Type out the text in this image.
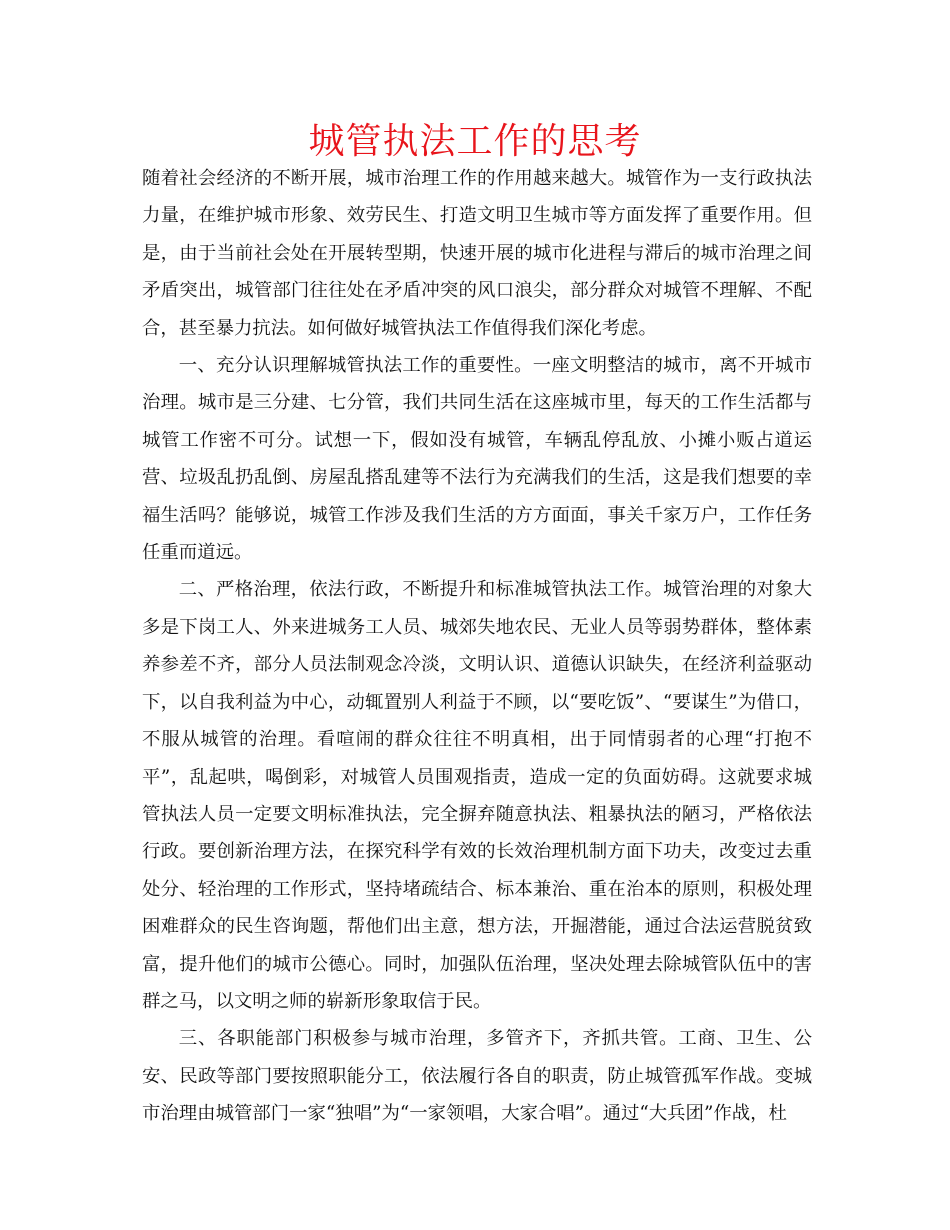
城管执法工作的思考

随着社会经济的不断开展，城市治理工作的作用越来越大。城管作为一支行政执法力量，在维护城市形象、效劳民生、打造文明卫生城市等方面发挥了重要作用。但是，由于当前社会处在开展转型期，快速开展的城市化进程与滞后的城市治理之间矛盾突出，城管部门往往处在矛盾冲突的风口浪尖，部分群众对城管不理解、不配合，甚至暴力抗法。如何做好城管执法工作值得我们深化考虑。

一、充分认识理解城管执法工作的重要性。一座文明整洁的城市，离不开城市治理。城市是三分建、七分管，我们共同生活在这座城市里，每天的工作生活都与城管工作密不可分。试想一下，假如没有城管，车辆乱停乱放、小摊小贩占道运营、垃圾乱扔乱倒、房屋乱搭乱建等不法行为充满我们的生活，这是我们想要的幸福生活吗？能够说，城管工作涉及我们生活的方方面面，事关千家万户，工作任务任重而道远。

二、严格治理，依法行政，不断提升和标准城管执法工作。城管治理的对象大多是下岗工人、外来进城务工人员、城郊失地农民、无业人员等弱势群体，整体素养参差不齐，部分人员法制观念冷淡，文明认识、道德认识缺失，在经济利益驱动下，以自我利益为中心，动辄置别人利益于不顾，以“要吃饭”、“要谋生”为借口，不服从城管的治理。看喧闹的群众往往不明真相，出于同情弱者的心理“打抱不平”，乱起哄，喝倒彩，对城管人员围观指责，造成一定的负面妨碍。这就要求城管执法人员一定要文明标准执法，完全摒弃随意执法、粗暴执法的陋习，严格依法行政。要创新治理方法，在探究科学有效的长效治理机制方面下功夫，改变过去重处分、轻治理的工作形式，坚持堵疏结合、标本兼治、重在治本的原则，积极处理困难群众的民生咨询题，帮他们出主意，想方法，开掘潜能，通过合法运营脱贫致富，提升他们的城市公德心。同时，加强队伍治理，坚决处理去除城管队伍中的害群之马，以文明之师的崭新形象取信于民。

三、各职能部门积极参与城市治理，多管齐下，齐抓共管。工商、卫生、公安、民政等部门要按照职能分工，依法履行各自的职责，防止城管孤军作战。变城市治理由城管部门一家“独唱”为“一家领唱，大家合唱”。通过“大兵团”作战，杜
